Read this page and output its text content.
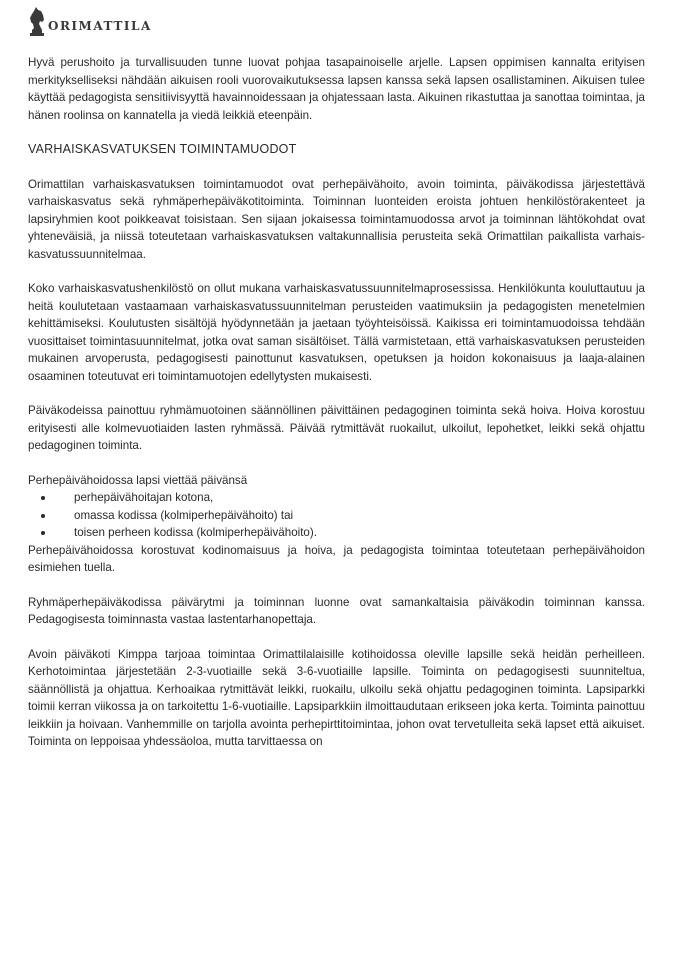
ORIMATTILA

Hyvä perushoito ja turvallisuuden tunne luovat pohjaa tasapainoiselle arjelle. Lapsen oppimisen kannalta erityisen merkitykselliseksi nähdään aikuisen rooli vuorovaikutuksessa lapsen kanssa sekä lapsen osallistaminen. Aikuisen tulee käyttää pedagogista sensitiivisyyttä havainnoidessaan ja ohjatessaan lasta. Aikuinen rikastuttaa ja sanottaa toimintaa, ja hänen roolinsa on kannatella ja viedä leikkiä eteenpäin.

VARHAISKASVATUKSEN TOIMINTAMUODOT

Orimattilan varhaiskasvatuksen toimintamuodot ovat perhepäivähoito, avoin toiminta, päiväkodissa järjestettävä varhaiskasvatus sekä ryhmäperhepäiväkotitoiminta. Toiminnan luonteiden eroista johtuen henkilöstörakenteet ja lapsiryhmien koot poikkeavat toisistaan. Sen sijaan jokaisessa toimintamuodossa arvot ja toiminnan lähtökohdat ovat yhteneväisiä, ja niissä toteutetaan varhaiskasvatuksen valtakunnallisia perusteita sekä Orimattilan paikallista varhais-kasvatussuunnitelmaa.

Koko varhaiskasvatushenkilöstö on ollut mukana varhaiskasvatussuunnitelmaprosessissa. Henkilökunta kouluttautuu ja heitä koulutetaan vastaamaan varhaiskasvatussuunnitelman perusteiden vaatimuksiin ja pedagogisten menetelmien kehittämiseksi. Koulutusten sisältöjä hyödynnetään ja jaetaan työyhteisöissä. Kaikissa eri toimintamuodoissa tehdään vuosittaiset toimintasuunnitelmat, jotka ovat saman sisältöiset. Tällä varmistetaan, että varhaiskasvatuksen perusteiden mukainen arvoperusta, pedagogisesti painottunut kasvatuksen, opetuksen ja hoidon kokonaisuus ja laaja-alainen osaaminen toteutuvat eri toimintamuotojen edellytysten mukaisesti.

Päiväkodeissa painottuu ryhmämuotoinen säännöllinen päivittäinen pedagoginen toiminta sekä hoiva. Hoiva korostuu erityisesti alle kolmevuotiaiden lasten ryhmässä. Päivää rytmittävät ruokailut, ulkoilut, lepohetket, leikki sekä ohjattu pedagoginen toiminta.

Perhepäivähoidossa lapsi viettää päivänsä

perhepäivähoitajan kotona,
omassa kodissa (kolmiperhepäivähoito) tai
toisen perheen kodissa (kolmiperhepäivähoito).

Perhepäivähoidossa korostuvat kodinomaisuus ja hoiva, ja pedagogista toimintaa toteutetaan perhepäivähoidon esimiehen tuella.

Ryhmäperhepäiväkodissa päivärytmi ja toiminnan luonne ovat samankaltaisia päiväkodin toiminnan kanssa. Pedagogisesta toiminnasta vastaa lastentarhanopettaja.

Avoin päiväkoti Kimppa tarjoaa toimintaa Orimattilalaisille kotihoidossa oleville lapsille sekä heidän perheilleen. Kerhotoimintaa järjestetään 2-3-vuotiaille sekä 3-6-vuotiaille lapsille. Toiminta on pedagogisesti suunniteltua, säännöllistä ja ohjattua. Kerhoaikaa rytmittävät leikki, ruokailu, ulkoilu sekä ohjattu pedagoginen toiminta. Lapsiparkki toimii kerran viikossa ja on tarkoitettu 1-6-vuotiaille. Lapsiparkkiin ilmoittaudutaan erikseen joka kerta. Toiminta painottuu leikkiin ja hoivaan. Vanhemmille on tarjolla avointa perhepirttitoimintaa, johon ovat tervetulleita sekä lapset että aikuiset. Toiminta on leppoisaa yhdessäoloa, mutta tarvittaessa on
